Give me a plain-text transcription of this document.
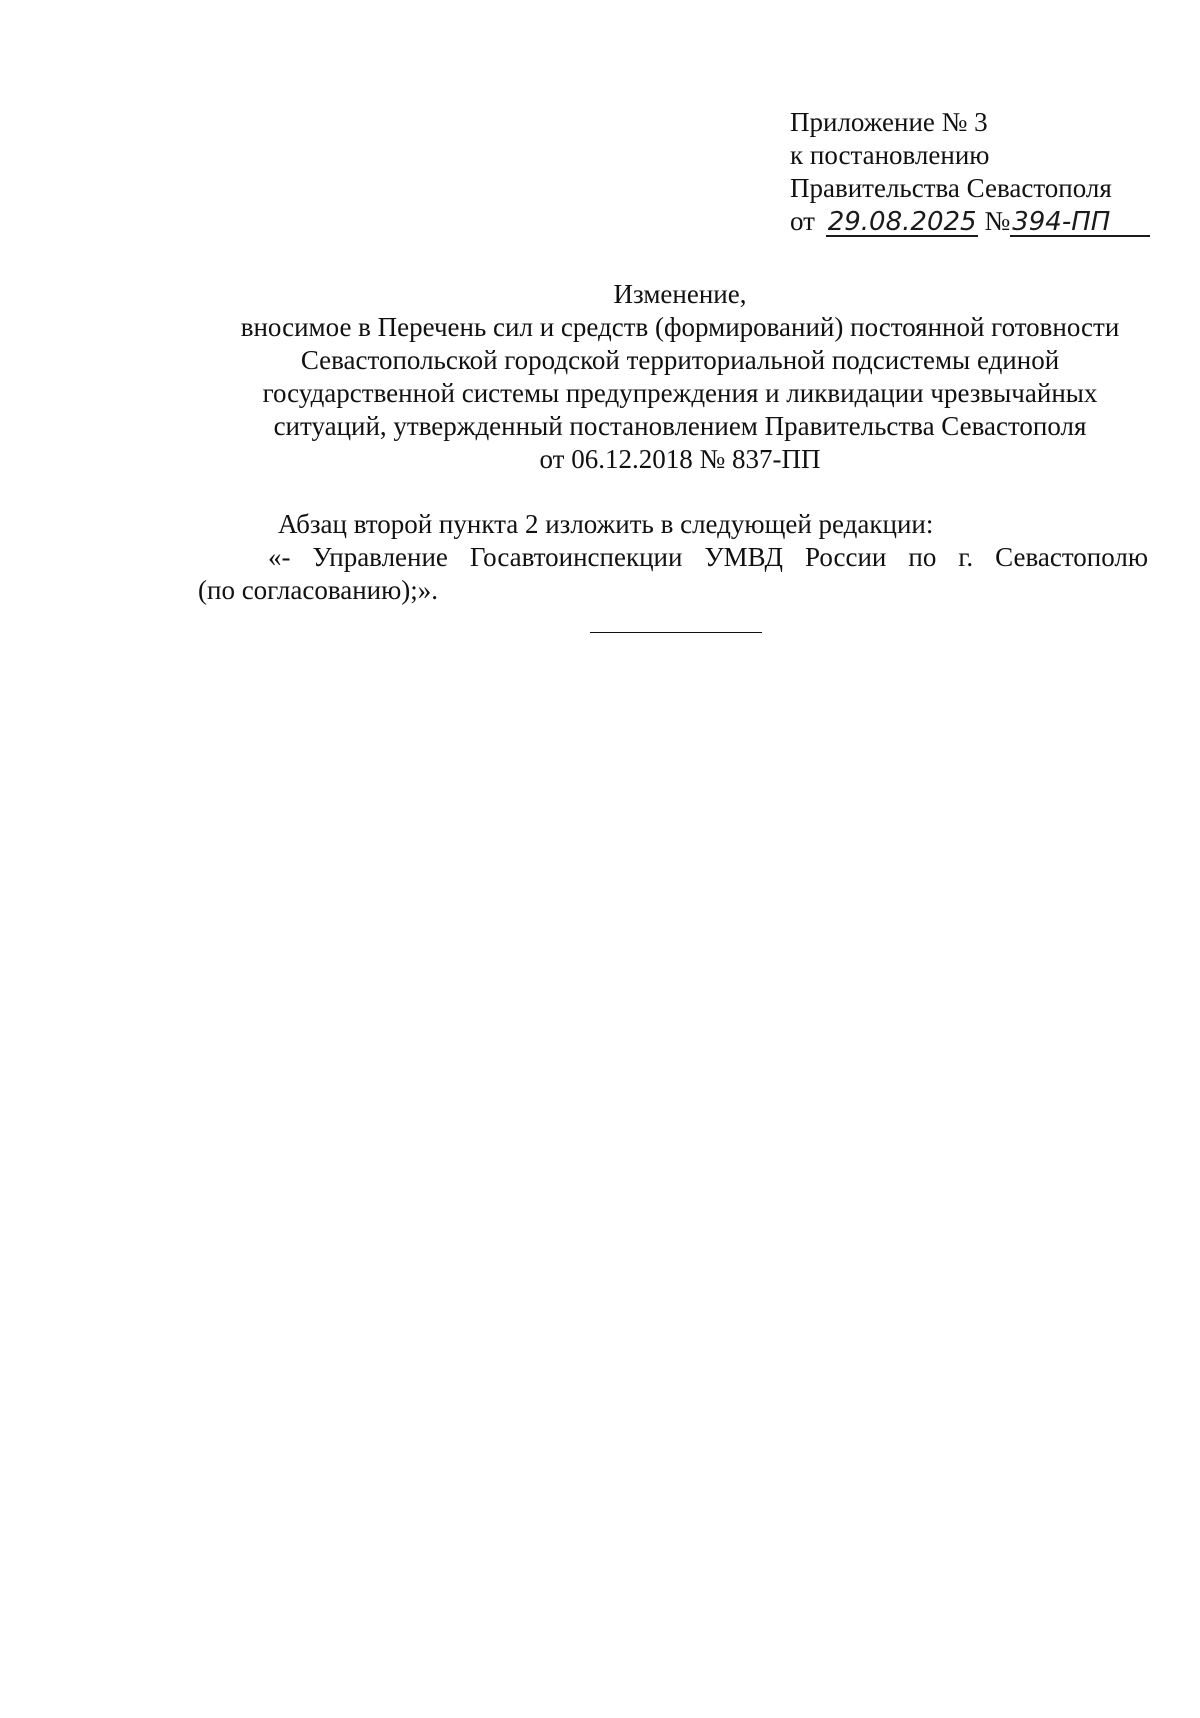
Приложение № 3
к постановлению
Правительства Севастополя
от 29.08.2025 №394-ПП
Изменение,
вносимое в Перечень сил и средств (формирований) постоянной готовности
Севастопольской городской территориальной подсистемы единой
государственной системы предупреждения и ликвидации чрезвычайных
ситуаций, утвержденный постановлением Правительства Севастополя
от 06.12.2018 № 837-ПП
Абзац второй пункта 2 изложить в следующей редакции:
«- Управление Госавтоинспекции УМВД России по г. Севастополю
(по согласованию);».
